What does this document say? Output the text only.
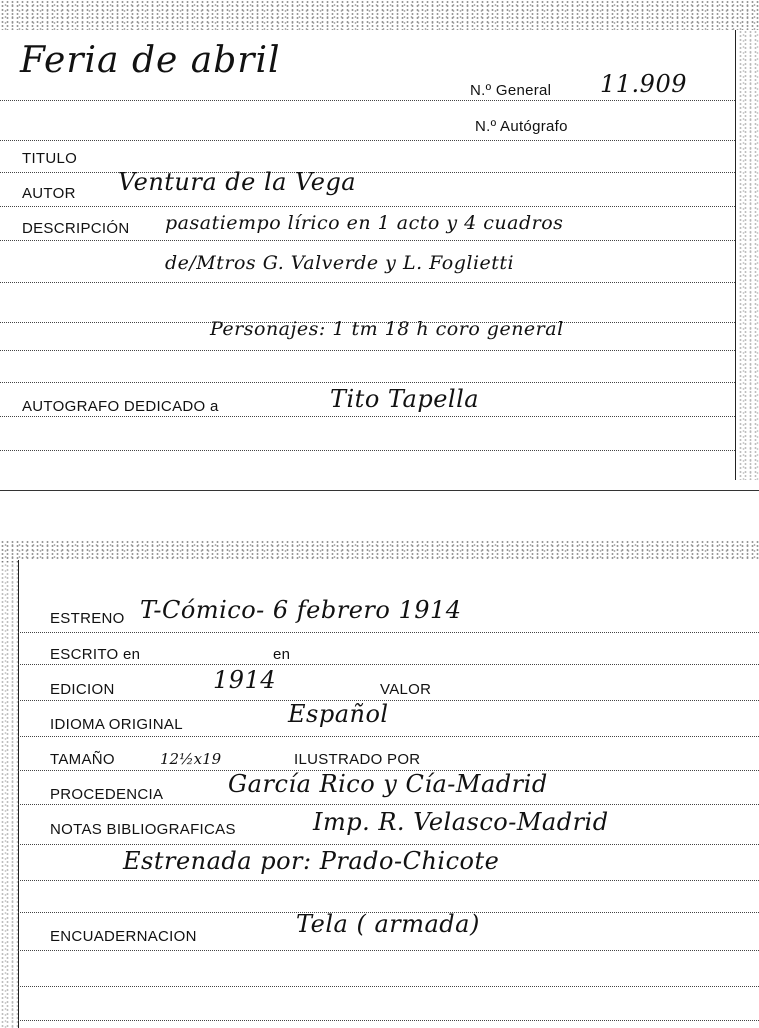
Feria de abril
N.º General 11.909
N.º Autógrafo
TITULO
AUTOR Ventura de la Vega
DESCRIPCIÓN pasatiempo lírico en 1 acto y 4 cuadros
de/Mtros G. Valverde y L. Foglietti
Personajes: 1 tm 18 h coro general
AUTOGRAFO DEDICADO a	Tito Tapella
ESTRENO T-Cómico- 6 febrero 1914
ESCRITO en	en
EDICION	1914	VALOR
IDIOMA ORIGINAL	Español
TAMAÑO	12½x19	ILUSTRADO POR
PROCEDENCIA	García Rico y Cía-Madrid
NOTAS BIBLIOGRAFICAS	Imp. R. Velasco-Madrid
Estrenada por: Prado-Chicote
ENCUADERNACION	Tela ( armada)
